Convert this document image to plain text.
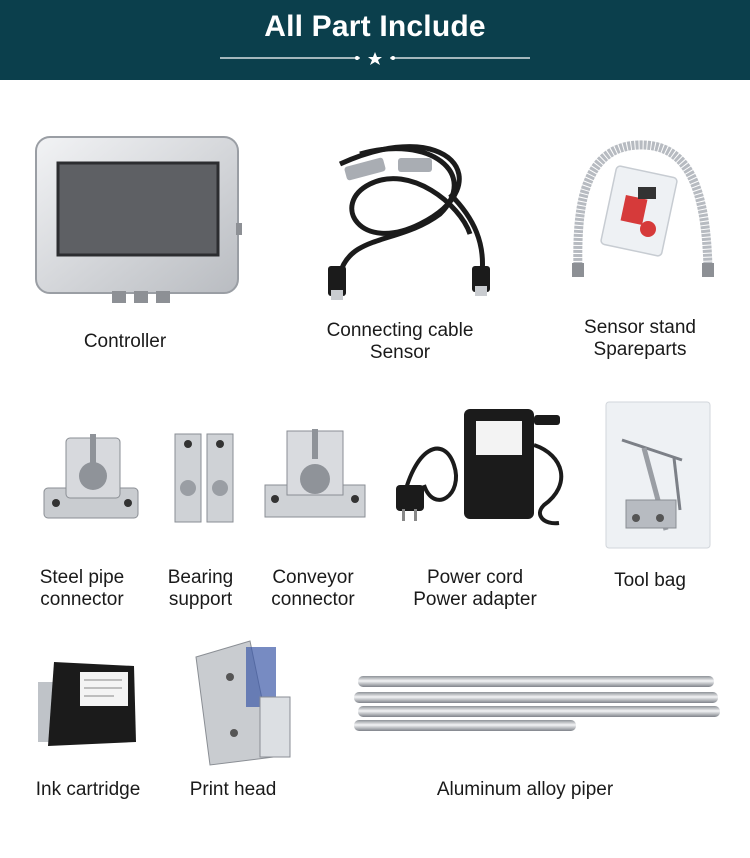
All Part Include
Controller
Connecting cable
Sensor
Sensor stand
Spareparts
Steel pipe
connector
Bearing
support
Conveyor
connector
Power cord
Power adapter
Tool bag
Ink cartridge	Print head	Aluminum alloy piper
